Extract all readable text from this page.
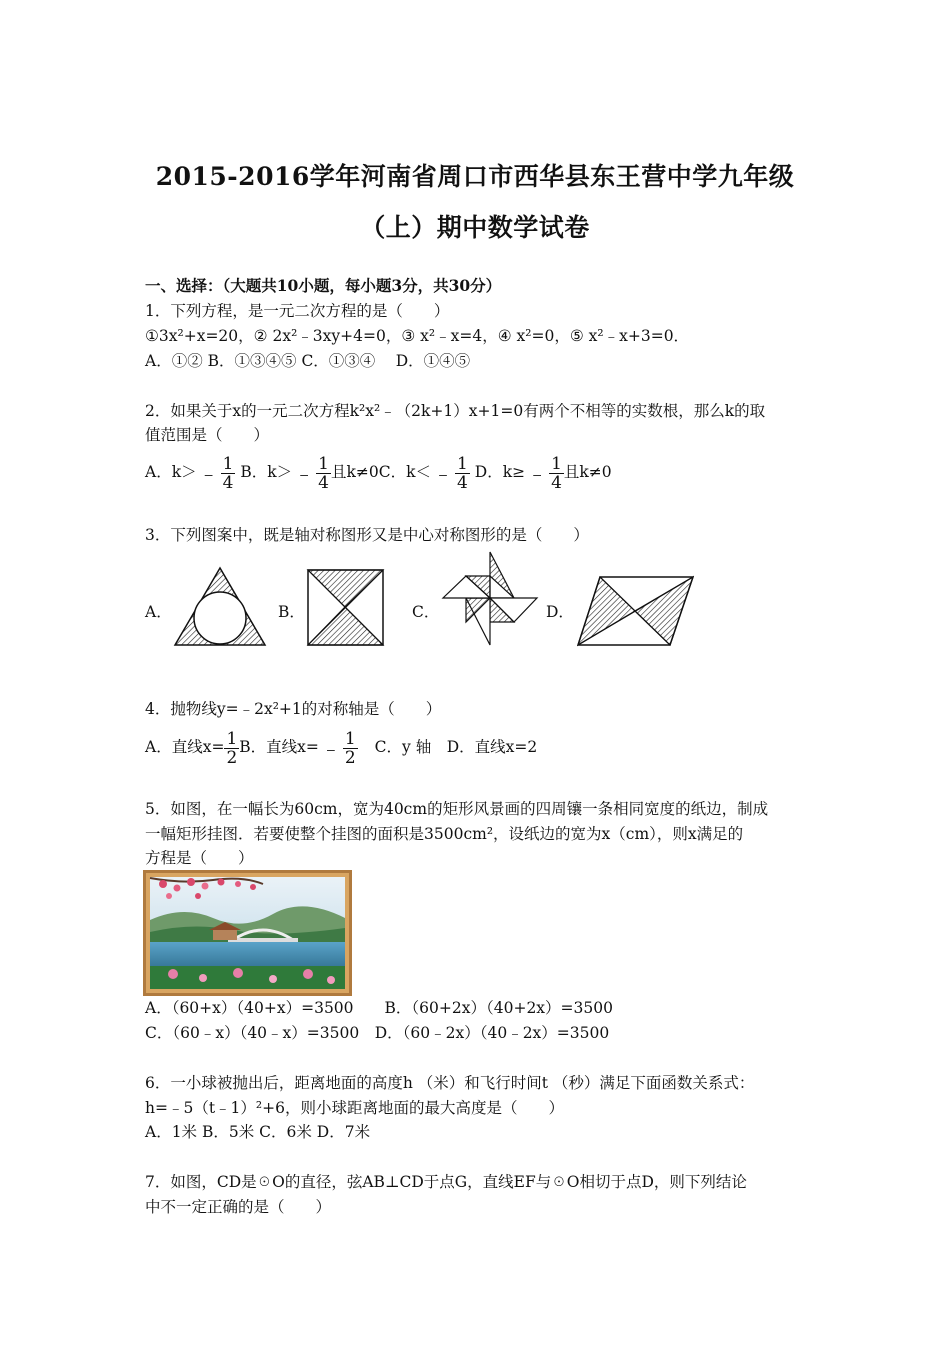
2015-2016学年河南省周口市西华县东王营中学九年级
（上）期中数学试卷
一、选择：（大题共10小题，每小题3分，共30分）
1．下列方程，是一元二次方程的是（　　）
①3x²+x=20，② 2x²﹣3xy+4=0，③ x²﹣x=4，④ x²=0，⑤ x²﹣x+3=0．
A．①② B．①③④⑤ C．①③④　 D．①④⑤
2．如果关于x的一元二次方程k²x²﹣（2k+1）x+1=0有两个不相等的实数根，那么k的取
值范围是（　　）
A．k＞ ﹣ $\frac{1}{4}$ B．k＞ ﹣ $\frac{1}{4}$ 且k≠0C．k＜ ﹣ $\frac{1}{4}$ D．k≥ ﹣ $\frac{1}{4}$ 且k≠0
3．下列图案中，既是轴对称图形又是中心对称图形的是（　　）
A．	B．	C．	D．
4．抛物线y=﹣2x²+1的对称轴是（　　）
A．直线$x= \frac{1}{2}$ B．直线x= ﹣ $\frac{1}{2}$ C．y 轴　D．直线x=2
5．如图，在一幅长为60cm，宽为40cm的矩形风景画的四周镶一条相同宽度的纸边，制成
一幅矩形挂图．若要使整个挂图的面积是3500cm²，设纸边的宽为x（cm），则x满足的
方程是（　　）
A．（60+x）（40+x）=3500　　B．（60+2x）（40+2x）=3500
C．（60﹣x）（40﹣x）=3500　D．（60﹣2x）（40﹣2x）=3500
6．一小球被抛出后，距离地面的高度h （米）和飞行时间t （秒）满足下面函数关系式：
h=﹣5（t﹣1）²+6，则小球距离地面的最大高度是（　　）
A．1米 B．5米 C．6米 D．7米
7．如图，CD是☉O的直径，弦AB⊥CD于点G，直线EF与☉O相切于点D，则下列结论
中不一定正确的是（　　）
